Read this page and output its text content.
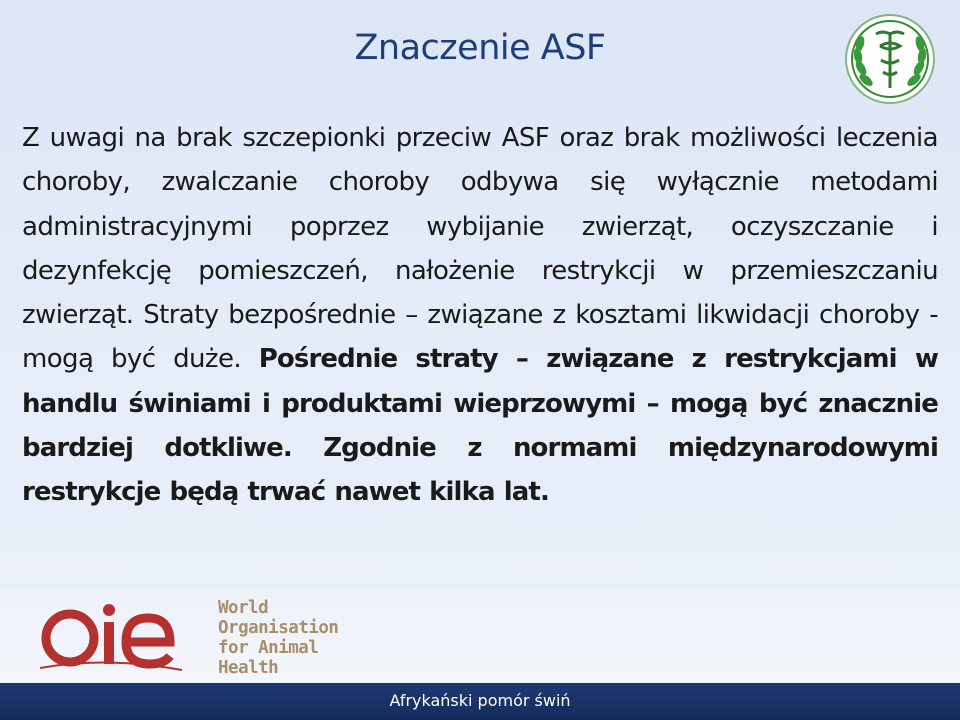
Znaczenie ASF
Z uwagi na brak szczepionki przeciw ASF oraz brak możliwości leczenia choroby, zwalczanie choroby odbywa się wyłącznie metodami administracyjnymi poprzez wybijanie zwierząt, oczyszczanie i dezynfekcję pomieszczeń, nałożenie restrykcji w przemieszczaniu zwierząt. Straty bezpośrednie – związane z kosztami likwidacji choroby - mogą być duże. Pośrednie straty – związane z restrykcjami w handlu świniami i produktami wieprzowymi – mogą być znacznie bardziej dotkliwe. Zgodnie z normami międzynarodowymi restrykcje będą trwać nawet kilka lat.
World
Organisation
for Animal
Health
Afrykański pomór świń
